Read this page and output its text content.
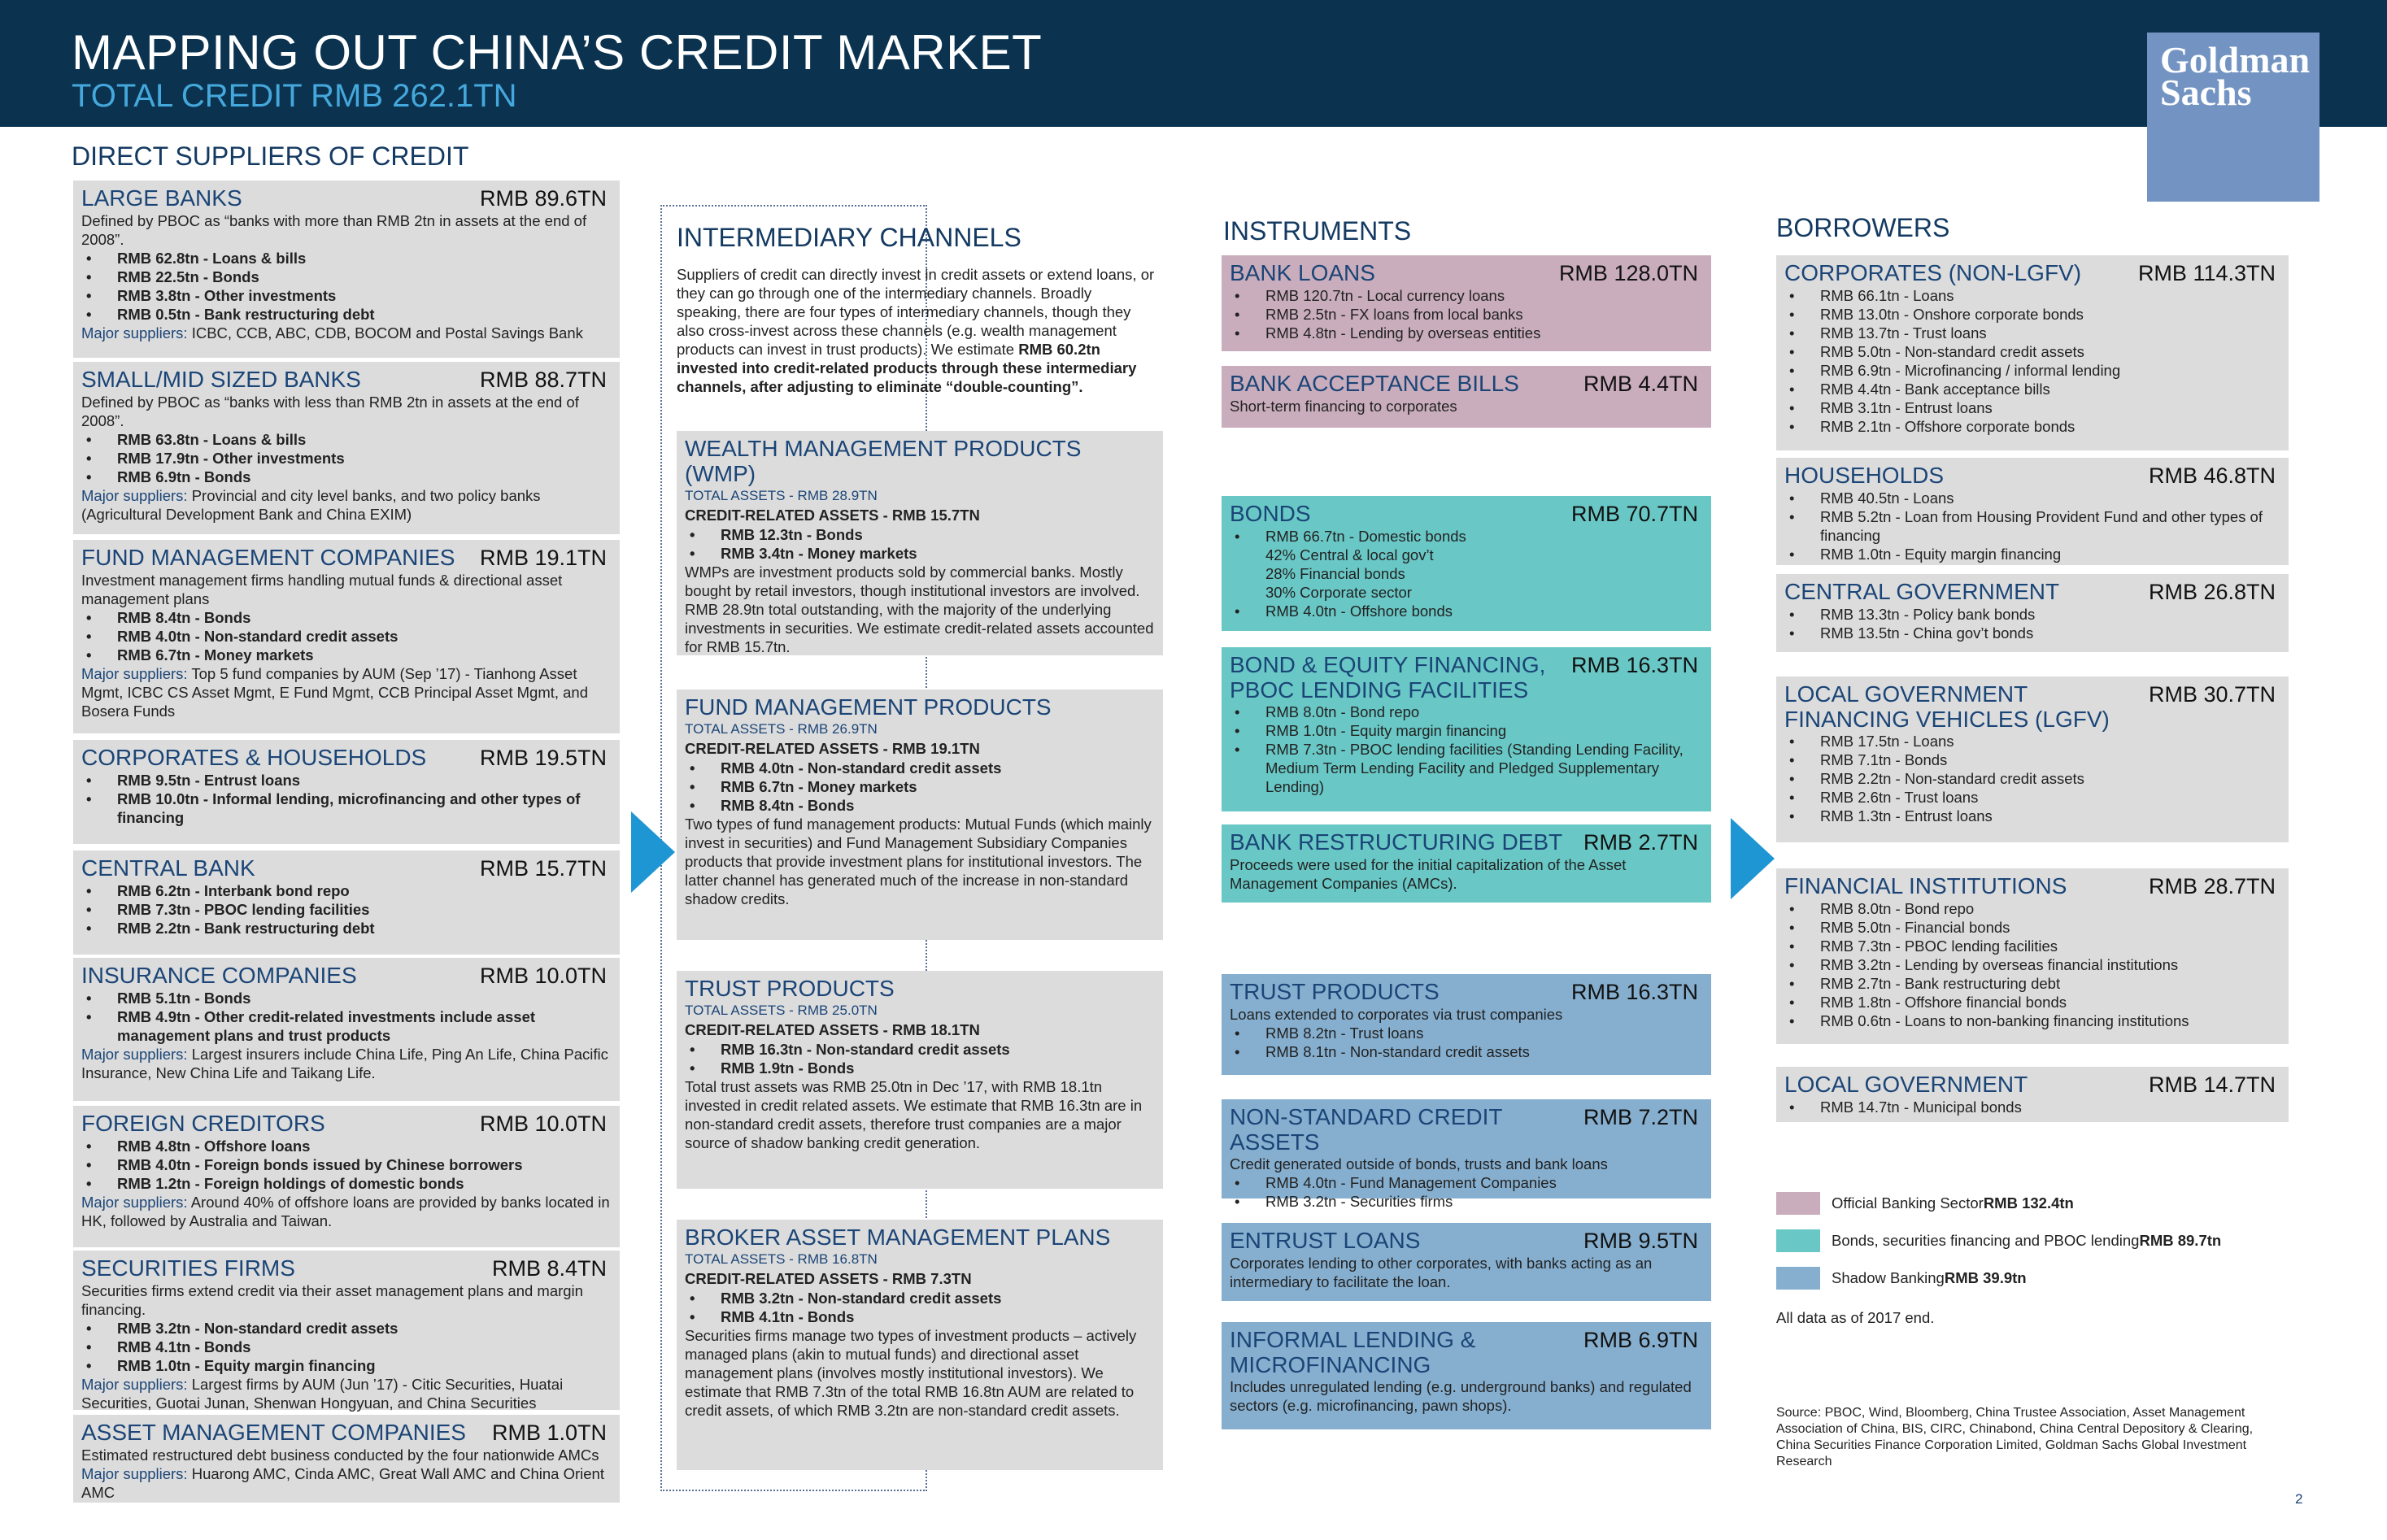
MAPPING OUT CHINA’S CREDIT MARKET
TOTAL CREDIT RMB 262.1TN
Goldman
Sachs
DIRECT SUPPLIERS OF CREDIT
INSTRUMENTS	BORROWERS
LARGE BANKS	RMB 89.6TN
Defined by PBOC as “banks with more than RMB 2tn in assets at the end of 2008”.
• RMB 62.8tn - Loans & bills
• RMB 22.5tn - Bonds
• RMB 3.8tn - Other investments
• RMB 0.5tn - Bank restructuring debt
Major suppliers: ICBC, CCB, ABC, CDB, BOCOM and Postal Savings Bank
SMALL/MID SIZED BANKS	RMB 88.7TN
Defined by PBOC as “banks with less than RMB 2tn in assets at the end of 2008”.
• RMB 63.8tn - Loans & bills
• RMB 17.9tn - Other investments
• RMB 6.9tn - Bonds
Major suppliers: Provincial and city level banks, and two policy banks (Agricultural Development Bank and China EXIM)
FUND MANAGEMENT COMPANIES RMB 19.1TN
Investment management firms handling mutual funds & directional asset management plans
• RMB 8.4tn - Bonds
• RMB 4.0tn - Non-standard credit assets
• RMB 6.7tn - Money markets
Major suppliers: Top 5 fund companies by AUM (Sep ’17) - Tianhong Asset Mgmt, ICBC CS Asset Mgmt, E Fund Mgmt, CCB Principal Asset Mgmt, and Bosera Funds
CORPORATES & HOUSEHOLDS RMB 19.5TN
• RMB 9.5tn - Entrust loans
• RMB 10.0tn - Informal lending, microfinancing and other types of financing
CENTRAL BANK	RMB 15.7TN
• RMB 6.2tn - Interbank bond repo
• RMB 7.3tn - PBOC lending facilities
• RMB 2.2tn - Bank restructuring debt
INSURANCE COMPANIES	RMB 10.0TN
• RMB 5.1tn - Bonds
• RMB 4.9tn - Other credit-related investments include asset management plans and trust products
Major suppliers: Largest insurers include China Life, Ping An Life, China Pacific Insurance, New China Life and Taikang Life.
FOREIGN CREDITORS	RMB 10.0TN
• RMB 4.8tn - Offshore loans
• RMB 4.0tn - Foreign bonds issued by Chinese borrowers
• RMB 1.2tn - Foreign holdings of domestic bonds
Major suppliers: Around 40% of offshore loans are provided by banks located in HK, followed by Australia and Taiwan.
SECURITIES FIRMS	RMB 8.4TN
Securities firms extend credit via their asset management plans and margin financing.
• RMB 3.2tn - Non-standard credit assets
• RMB 4.1tn - Bonds
• RMB 1.0tn - Equity margin financing
Major suppliers: Largest firms by AUM (Jun ’17) - Citic Securities, Huatai Securities, Guotai Junan, Shenwan Hongyuan, and China Securities
ASSET MANAGEMENT COMPANIES RMB 1.0TN
Estimated restructured debt business conducted by the four nationwide AMCs
Major suppliers: Huarong AMC, Cinda AMC, Great Wall AMC and China Orient AMC
WEALTH MANAGEMENT PRODUCTS (WMP)
TOTAL ASSETS - RMB 28.9TN
CREDIT-RELATED ASSETS - RMB 15.7TN
• RMB 12.3tn - Bonds
• RMB 3.4tn - Money markets
WMPs are investment products sold by commercial banks. Mostly bought by retail investors, though institutional investors are involved. RMB 28.9tn total outstanding, with the majority of the underlying investments in securities. We estimate credit-related assets accounted for RMB 15.7tn.
FUND MANAGEMENT PRODUCTS
TOTAL ASSETS - RMB 26.9TN
CREDIT-RELATED ASSETS - RMB 19.1TN
• RMB 4.0tn - Non-standard credit assets
• RMB 6.7tn - Money markets
• RMB 8.4tn - Bonds
Two types of fund management products: Mutual Funds (which mainly invest in securities) and Fund Management Subsidiary Companies products that provide investment plans for institutional investors. The latter channel has generated much of the increase in non-standard shadow credits.
TRUST PRODUCTS
TOTAL ASSETS - RMB 25.0TN
CREDIT-RELATED ASSETS - RMB 18.1TN
• RMB 16.3tn - Non-standard credit assets
• RMB 1.9tn - Bonds
Total trust assets was RMB 25.0tn in Dec ’17, with RMB 18.1tn invested in credit related assets. We estimate that RMB 16.3tn are in non-standard credit assets, therefore trust companies are a major source of shadow banking credit generation.
BROKER ASSET MANAGEMENT PLANS
TOTAL ASSETS - RMB 16.8TN
CREDIT-RELATED ASSETS - RMB 7.3TN
• RMB 3.2tn - Non-standard credit assets
• RMB 4.1tn - Bonds
Securities firms manage two types of investment products – actively managed plans (akin to mutual funds) and directional asset management plans (involves mostly institutional investors). We estimate that RMB 7.3tn of the total RMB 16.8tn AUM are related to credit assets, of which RMB 3.2tn are non-standard credit assets.
BANK LOANS	RMB 128.0TN
• RMB 120.7tn - Local currency loans
• RMB 2.5tn - FX loans from local banks
• RMB 4.8tn - Lending by overseas entities
BANK ACCEPTANCE BILLS	RMB 4.4TN
Short-term financing to corporates
BONDS	RMB 70.7TN
• RMB 66.7tn - Domestic bonds
42% Central & local gov’t
28% Financial bonds
30% Corporate sector
• RMB 4.0tn - Offshore bonds
BOND & EQUITY FINANCING, PBOC LENDING FACILITIES
RMB 16.3TN
• RMB 8.0tn - Bond repo
• RMB 1.0tn - Equity margin financing
• RMB 7.3tn - PBOC lending facilities (Standing Lending Facility, Medium Term Lending Facility and Pledged Supplementary Lending)
BANK RESTRUCTURING DEBT RMB 2.7TN
Proceeds were used for the initial capitalization of the Asset Management Companies (AMCs).
TRUST PRODUCTS	RMB 16.3TN
Loans extended to corporates via trust companies
• RMB 8.2tn - Trust loans
• RMB 8.1tn - Non-standard credit assets
NON-STANDARD CREDIT ASSETS
RMB 7.2TN
Credit generated outside of bonds, trusts and bank loans
• RMB 4.0tn - Fund Management Companies
• RMB 3.2tn - Securities firms
ENTRUST LOANS	RMB 9.5TN
Corporates lending to other corporates, with banks acting as an intermediary to facilitate the loan.
INFORMAL LENDING & MICROFINANCING
RMB 6.9TN
Includes unregulated lending (e.g. underground banks) and regulated sectors (e.g. microfinancing, pawn shops).
CORPORATES (NON-LGFV)	RMB 114.3TN
• RMB 66.1tn - Loans
• RMB 13.0tn - Onshore corporate bonds
• RMB 13.7tn - Trust loans
• RMB 5.0tn - Non-standard credit assets
• RMB 6.9tn - Microfinancing / informal lending
• RMB 4.4tn - Bank acceptance bills
• RMB 3.1tn - Entrust loans
• RMB 2.1tn - Offshore corporate bonds
HOUSEHOLDS	RMB 46.8TN
• RMB 40.5tn - Loans
• RMB 5.2tn - Loan from Housing Provident Fund and other types of financing
• RMB 1.0tn - Equity margin financing
CENTRAL GOVERNMENT	RMB 26.8TN
• RMB 13.3tn - Policy bank bonds
• RMB 13.5tn - China gov’t bonds
LOCAL GOVERNMENT FINANCING VEHICLES (LGFV)
RMB 30.7TN
• RMB 17.5tn - Loans
• RMB 7.1tn - Bonds
• RMB 2.2tn - Non-standard credit assets
• RMB 2.6tn - Trust loans
• RMB 1.3tn - Entrust loans
FINANCIAL INSTITUTIONS	RMB 28.7TN
• RMB 8.0tn - Bond repo
• RMB 5.0tn - Financial bonds
• RMB 7.3tn - PBOC lending facilities
• RMB 3.2tn - Lending by overseas financial institutions
• RMB 2.7tn - Bank restructuring debt
• RMB 1.8tn - Offshore financial bonds
• RMB 0.6tn - Loans to non-banking financing institutions
LOCAL GOVERNMENT	RMB 14.7TN
• RMB 14.7tn - Municipal bonds
INTERMEDIARY CHANNELS
Suppliers of credit can directly invest in credit assets or extend loans, or they can go through one of the intermediary channels. Broadly speaking, there are four types of intermediary channels, though they also cross-invest across these channels (e.g. wealth management products can invest in trust products). We estimate RMB 60.2tn invested into credit-related products through these intermediary channels, after adjusting to eliminate “double-counting”.
Official Banking Sector RMB 132.4tn
Bonds, securities financing and PBOC lending RMB 89.7tn
Shadow Banking RMB 39.9tn
All data as of 2017 end.
Source: PBOC, Wind, Bloomberg, China Trustee Association, Asset Management Association of China, BIS, CIRC, Chinabond, China Central Depository & Clearing, China Securities Finance Corporation Limited, Goldman Sachs Global Investment Research
2
